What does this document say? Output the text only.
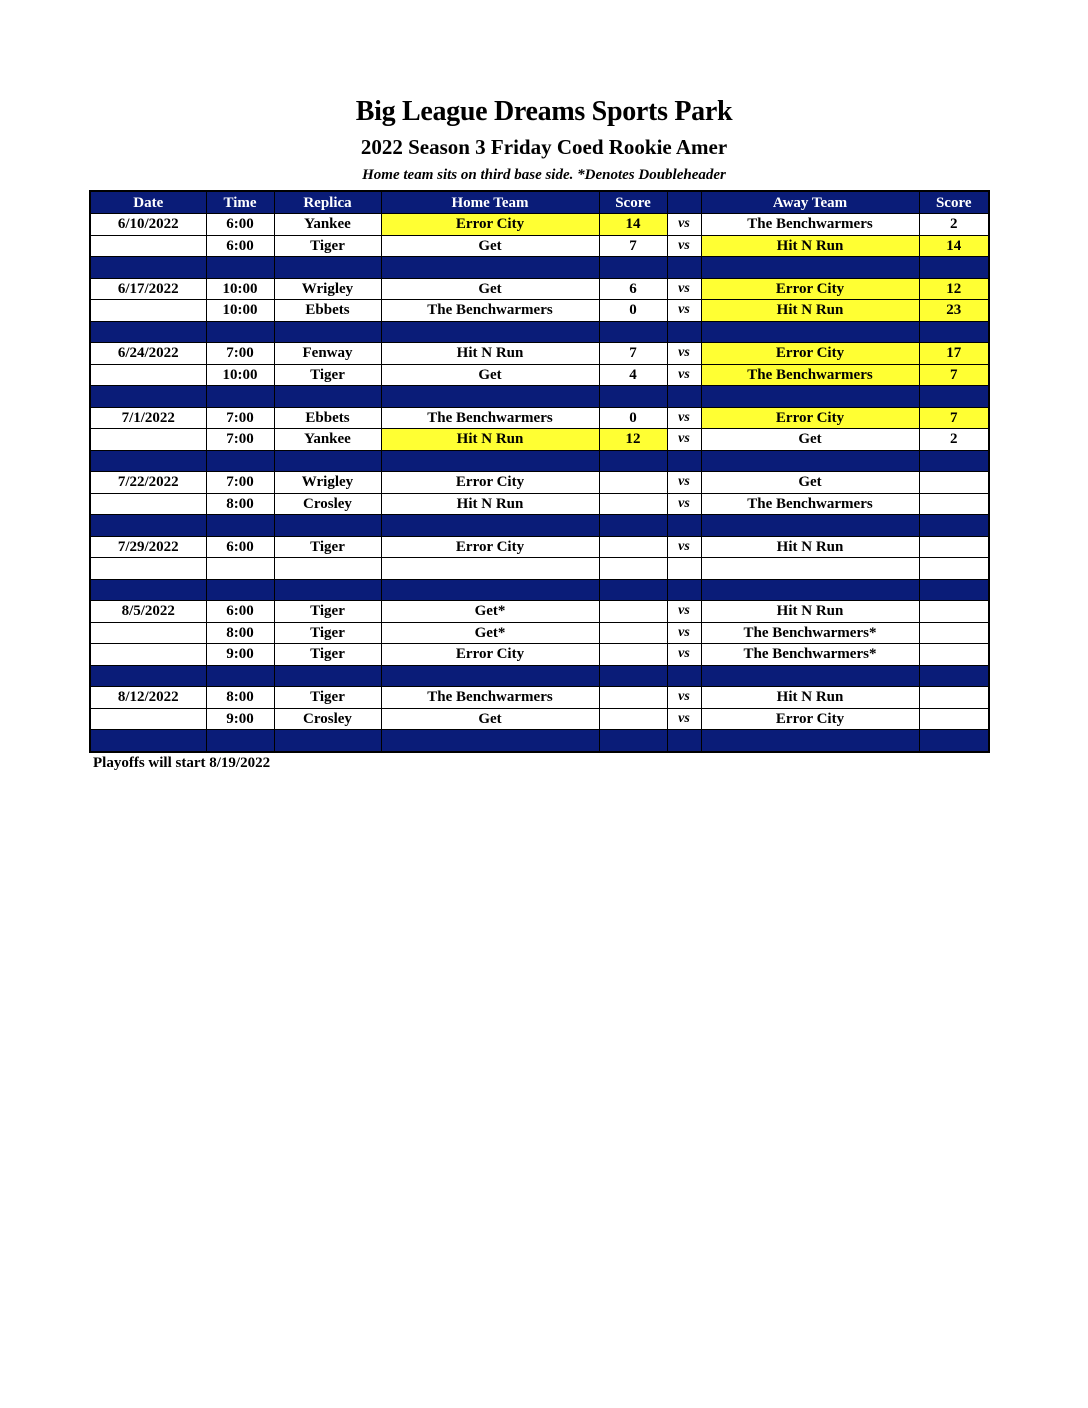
Big League Dreams Sports Park
2022 Season 3 Friday Coed Rookie Amer
Home team sits on third base side. *Denotes Doubleheader
Date	Time	Replica	Home Team	Score		Away Team	Score
6/10/2022	6:00	Yankee	Error City	14	vs	The Benchwarmers	2
	6:00	Tiger	Get	7	vs	Hit N Run	14

6/17/2022	10:00	Wrigley	Get	6	vs	Error City	12
	10:00	Ebbets	The Benchwarmers	0	vs	Hit N Run	23

6/24/2022	7:00	Fenway	Hit N Run	7	vs	Error City	17
	10:00	Tiger	Get	4	vs	The Benchwarmers	7

7/1/2022	7:00	Ebbets	The Benchwarmers	0	vs	Error City	7
	7:00	Yankee	Hit N Run	12	vs	Get	2

7/22/2022	7:00	Wrigley	Error City		vs	Get	
	8:00	Crosley	Hit N Run		vs	The Benchwarmers	

7/29/2022	6:00	Tiger	Error City		vs	Hit N Run	

8/5/2022	6:00	Tiger	Get*		vs	Hit N Run	
	8:00	Tiger	Get*		vs	The Benchwarmers*	
	9:00	Tiger	Error City		vs	The Benchwarmers*	

8/12/2022	8:00	Tiger	The Benchwarmers		vs	Hit N Run	
	9:00	Crosley	Get		vs	Error City	

Playoffs will start 8/19/2022
